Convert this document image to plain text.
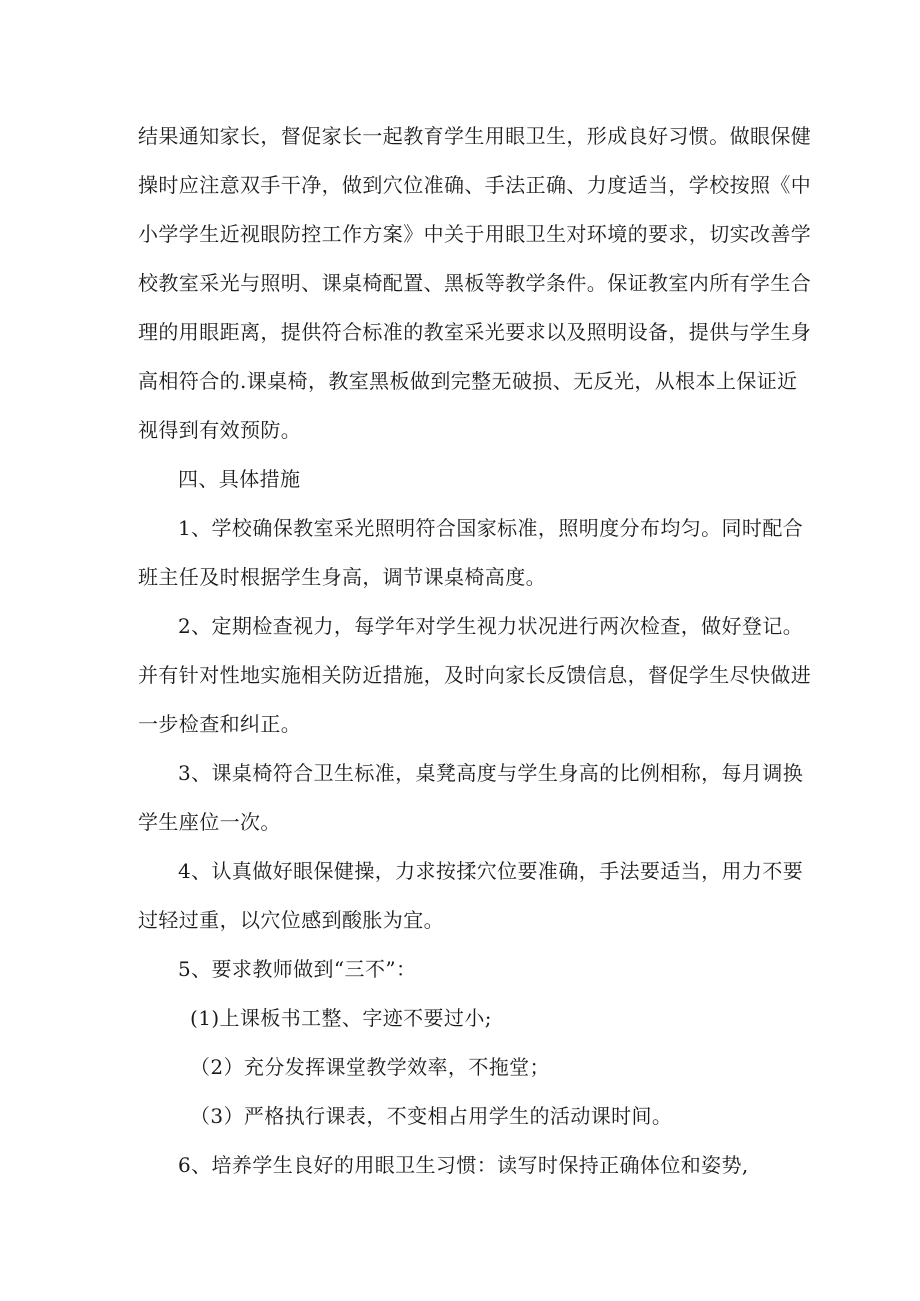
结果通知家长，督促家长一起教育学生用眼卫生，形成良好习惯。做眼保健
操时应注意双手干净，做到穴位准确、手法正确、力度适当，学校按照《中
小学学生近视眼防控工作方案》中关于用眼卫生对环境的要求，切实改善学
校教室采光与照明、课桌椅配置、黑板等教学条件。保证教室内所有学生合
理的用眼距离，提供符合标准的教室采光要求以及照明设备，提供与学生身
高相符合的.课桌椅，教室黑板做到完整无破损、无反光，从根本上保证近
视得到有效预防。
四、具体措施
1、学校确保教室采光照明符合国家标准，照明度分布均匀。同时配合
班主任及时根据学生身高，调节课桌椅高度。
2、定期检查视力，每学年对学生视力状况进行两次检查，做好登记。
并有针对性地实施相关防近措施，及时向家长反馈信息，督促学生尽快做进
一步检查和纠正。
3、课桌椅符合卫生标准，桌凳高度与学生身高的比例相称，每月调换
学生座位一次。
4、认真做好眼保健操，力求按揉穴位要准确，手法要适当，用力不要
过轻过重，以穴位感到酸胀为宜。
5、要求教师做到“三不”：
(1)上课板书工整、字迹不要过小;
（2）充分发挥课堂教学效率，不拖堂；
（3）严格执行课表，不变相占用学生的活动课时间。
6、培养学生良好的用眼卫生习惯：读写时保持正确体位和姿势,
